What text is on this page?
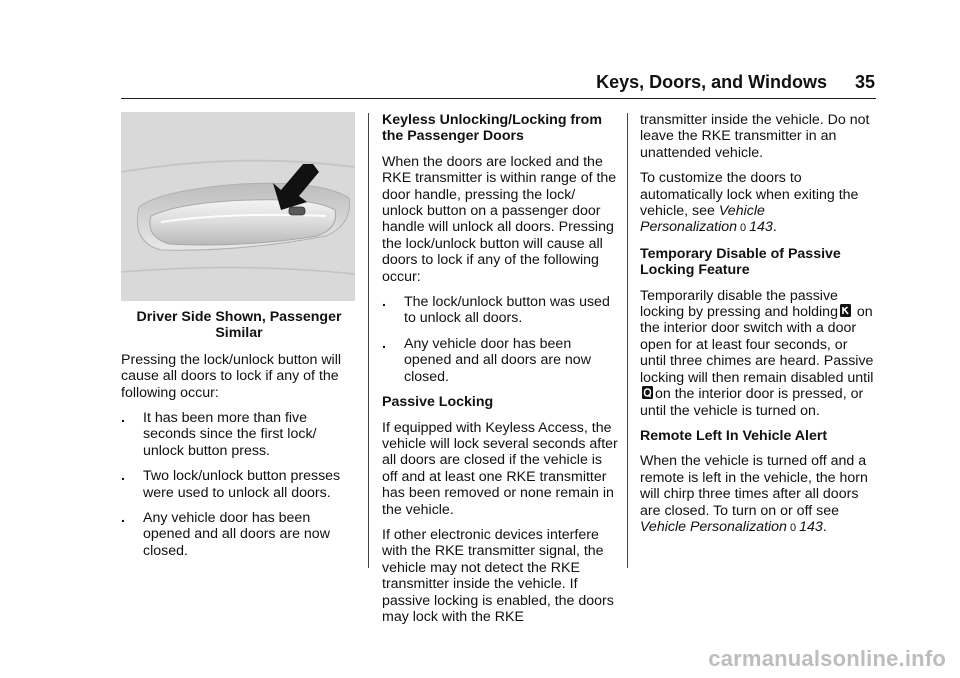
Keys, Doors, and Windows 35
Driver Side Shown, Passenger
Similar

Pressing the lock/unlock button will cause all doors to lock if any of the following occur:

.	It has been more than five seconds since the first lock/ unlock button press.
.	Two lock/unlock button presses were used to unlock all doors.
.	Any vehicle door has been opened and all doors are now closed.
Keyless Unlocking/Locking from the Passenger Doors

When the doors are locked and the RKE transmitter is within range of the door handle, pressing the lock/ unlock button on a passenger door handle will unlock all doors. Pressing the lock/unlock button will cause all doors to lock if any of the following occur:

.	The lock/unlock button was used to unlock all doors.
.	Any vehicle door has been opened and all doors are now closed.
Passive Locking

If equipped with Keyless Access, the vehicle will lock several seconds after all doors are closed if the vehicle is off and at least one RKE transmitter has been removed or none remain in the vehicle.

If other electronic devices interfere with the RKE transmitter signal, the vehicle may not detect the RKE transmitter inside the vehicle. If passive locking is enabled, the doors may lock with the RKE

transmitter inside the vehicle. Do not leave the RKE transmitter in an unattended vehicle.

To customize the doors to automatically lock when exiting the vehicle, see Vehicle Personalization 0 143.

Temporary Disable of Passive Locking Feature

Temporarily disable the passive locking by pressing and holding on the interior door switch with a door open for at least four seconds, or until three chimes are heard. Passive locking will then remain disabled untilon the interior door is pressed, or until the vehicle is turned on.

Remote Left In Vehicle Alert

When the vehicle is turned off and a remote is left in the vehicle, the horn will chirp three times after all doors are closed. To turn on or off see Vehicle Personalization 0 143.

carmanualsonline.info
